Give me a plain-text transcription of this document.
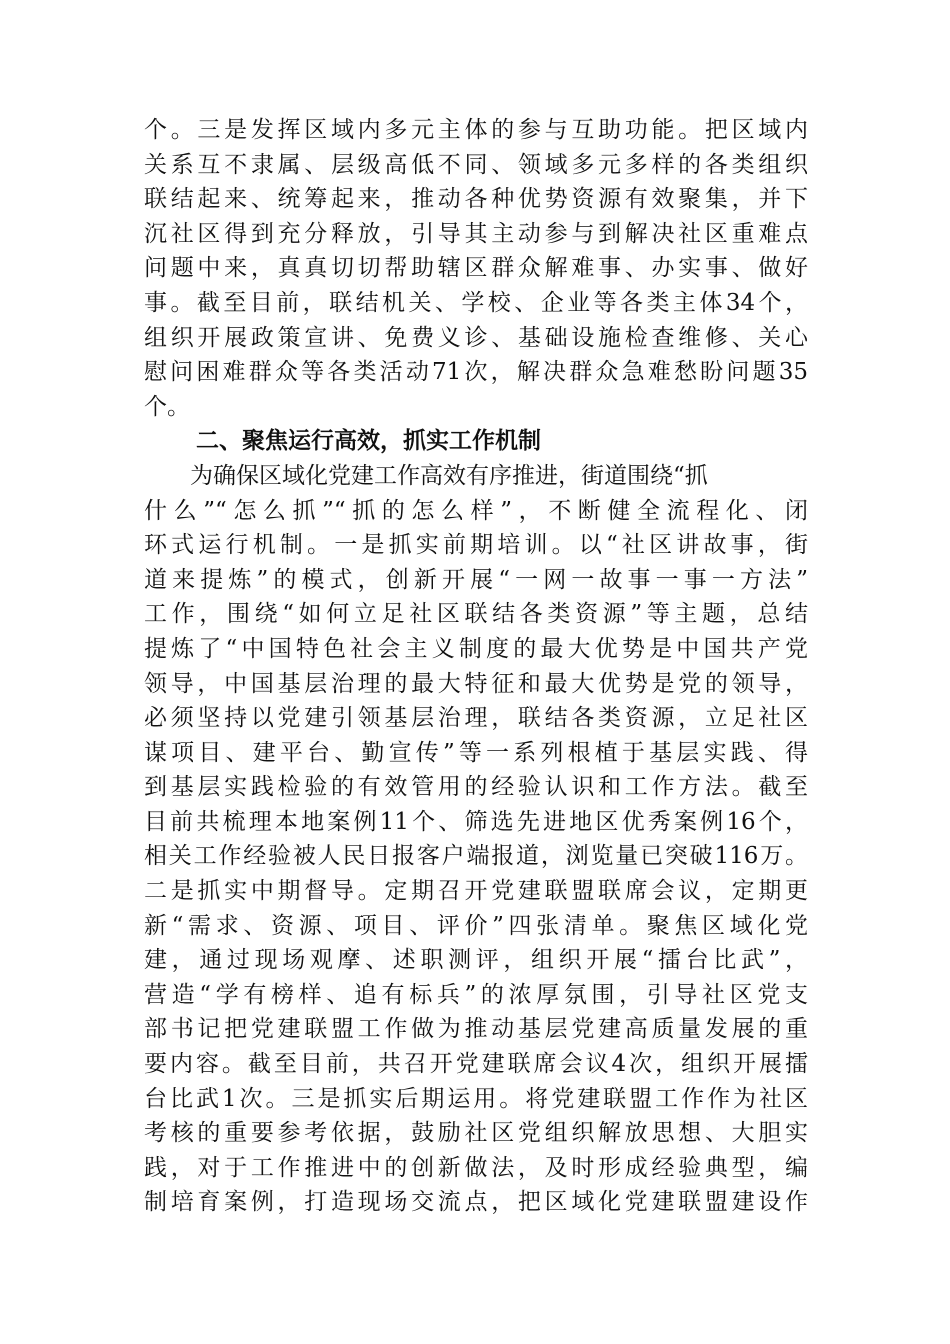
个。三是发挥区域内多元主体的参与互助功能。把区域内
关系互不隶属、层级高低不同、领域多元多样的各类组织
联结起来、统筹起来，推动各种优势资源有效聚集，并下
沉社区得到充分释放，引导其主动参与到解决社区重难点
问题中来，真真切切帮助辖区群众解难事、办实事、做好
事。截至目前，联结机关、学校、企业等各类主体34个，
组织开展政策宣讲、免费义诊、基础设施检查维修、关心
慰问困难群众等各类活动71次，解决群众急难愁盼问题35
个。
二、聚焦运行高效，抓实工作机制
为确保区域化党建工作高效有序推进，街道围绕“抓
什么”“怎么抓”“抓的怎么样”，不断健全流程化、闭
环式运行机制。一是抓实前期培训。以“社区讲故事，街
道来提炼”的模式，创新开展“一网一故事一事一方法”
工作，围绕“如何立足社区联结各类资源”等主题，总结
提炼了“中国特色社会主义制度的最大优势是中国共产党
领导，中国基层治理的最大特征和最大优势是党的领导，
必须坚持以党建引领基层治理，联结各类资源，立足社区
谋项目、建平台、勤宣传”等一系列根植于基层实践、得
到基层实践检验的有效管用的经验认识和工作方法。截至
目前共梳理本地案例11个、筛选先进地区优秀案例16个，
相关工作经验被人民日报客户端报道，浏览量已突破116万。
二是抓实中期督导。定期召开党建联盟联席会议，定期更
新“需求、资源、项目、评价”四张清单。聚焦区域化党
建，通过现场观摩、述职测评，组织开展“擂台比武”，
营造“学有榜样、追有标兵”的浓厚氛围，引导社区党支
部书记把党建联盟工作做为推动基层党建高质量发展的重
要内容。截至目前，共召开党建联席会议4次，组织开展擂
台比武1次。三是抓实后期运用。将党建联盟工作作为社区
考核的重要参考依据，鼓励社区党组织解放思想、大胆实
践，对于工作推进中的创新做法，及时形成经验典型，编
制培育案例，打造现场交流点，把区域化党建联盟建设作
